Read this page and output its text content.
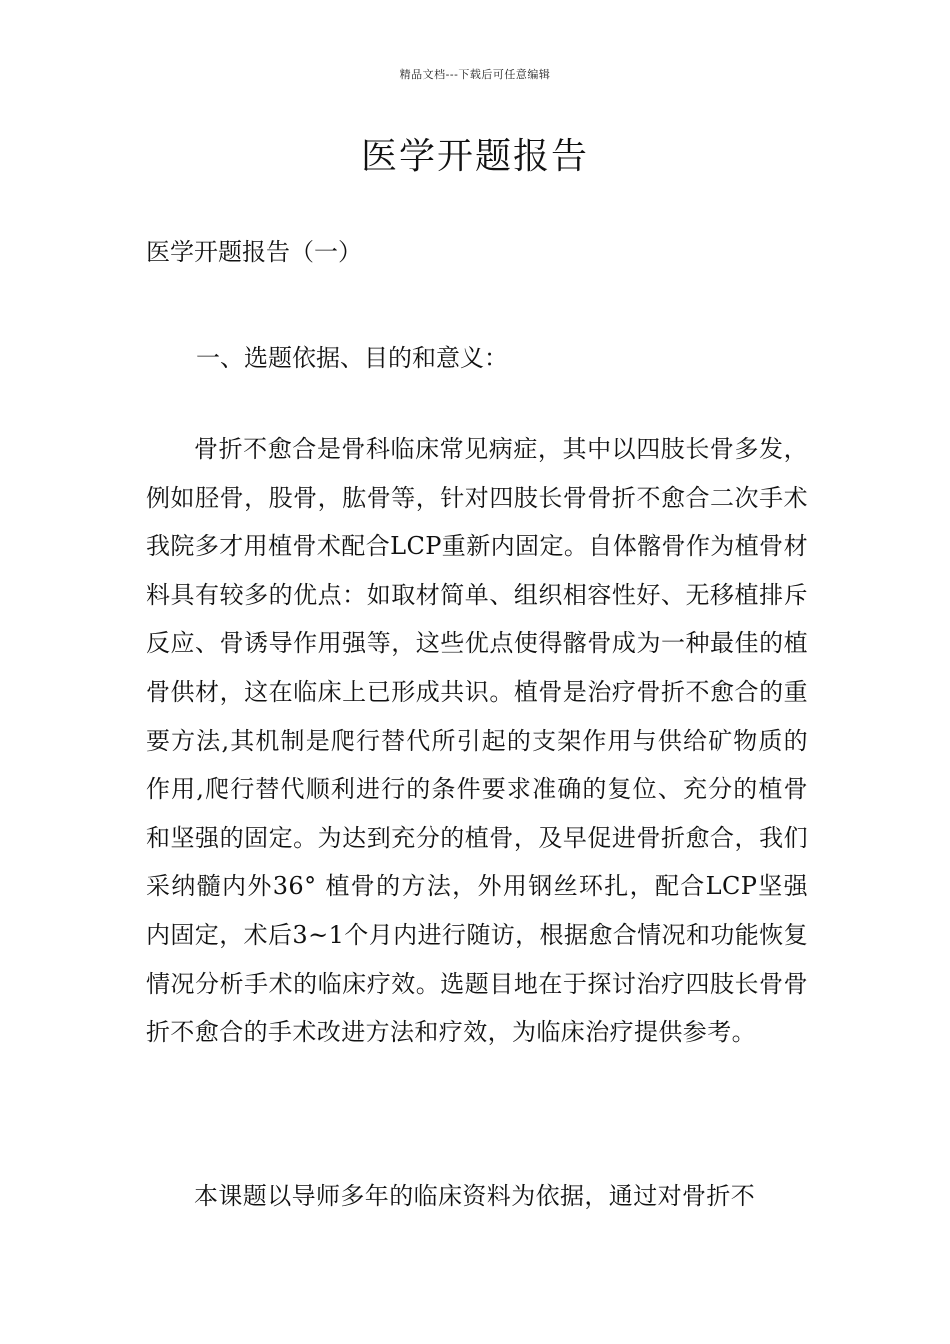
精品文档---下载后可任意编辑
医学开题报告

医学开题报告（一）

一、选题依据、目的和意义：

骨折不愈合是骨科临床常见病症，其中以四肢长骨多发，例如胫骨，股骨，肱骨等，针对四肢长骨骨折不愈合二次手术我院多才用植骨术配合LCP重新内固定。自体髂骨作为植骨材料具有较多的优点：如取材简单、组织相容性好、无移植排斥反应、骨诱导作用强等，这些优点使得髂骨成为一种最佳的植骨供材，这在临床上已形成共识。植骨是治疗骨折不愈合的重要方法,其机制是爬行替代所引起的支架作用与供给矿物质的作用,爬行替代顺利进行的条件要求准确的复位、充分的植骨和坚强的固定。为达到充分的植骨，及早促进骨折愈合，我们采纳髓内外36° 植骨的方法，外用钢丝环扎，配合LCP坚强内固定，术后3~1个月内进行随访，根据愈合情况和功能恢复情况分析手术的临床疗效。选题目地在于探讨治疗四肢长骨骨折不愈合的手术改进方法和疗效，为临床治疗提供参考。

本课题以导师多年的临床资料为依据，通过对骨折不
